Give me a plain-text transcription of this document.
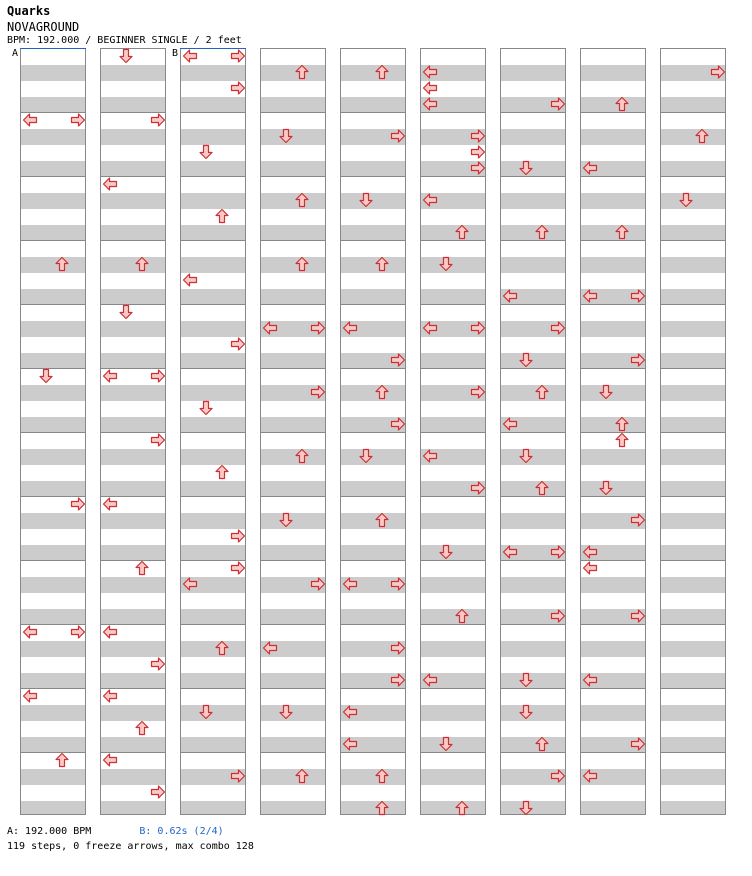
Quarks
NOVAGROUND
BPM: 192.000 / BEGINNER SINGLE / 2 feet
A	B
A: 192.000 BPM	B: 0.62s (2/4)
119 steps, 0 freeze arrows, max combo 128
